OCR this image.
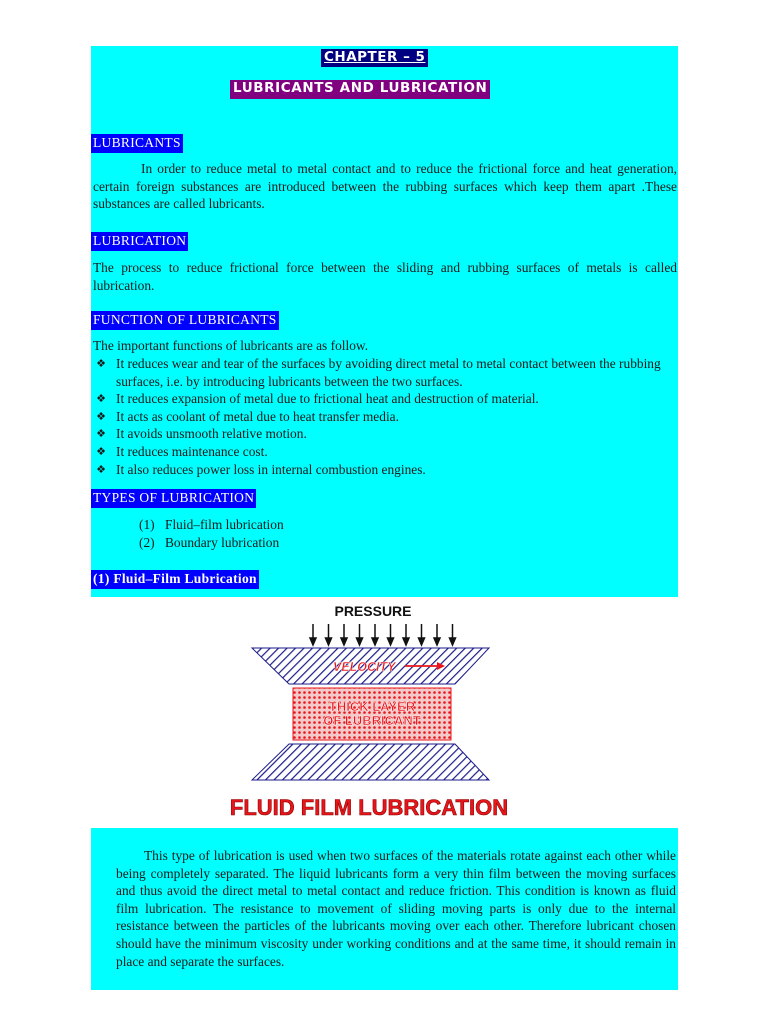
CHAPTER – 5
LUBRICANTS AND LUBRICATION
LUBRICANTS

In order to reduce metal to metal contact and to reduce the frictional force and heat generation, certain foreign substances are introduced between the rubbing surfaces which keep them apart .These substances are called lubricants.

LUBRICATION

The process to reduce frictional force between the sliding and rubbing surfaces of metals is called lubrication.

FUNCTION OF LUBRICANTS

The important functions of lubricants are as follow.

❖ It reduces wear and tear of the surfaces by avoiding direct metal to metal contact between the rubbing surfaces, i.e. by introducing lubricants between the two surfaces.
❖ It reduces expansion of metal due to frictional heat and destruction of material.
❖ It acts as coolant of metal due to heat transfer media.
❖ It avoids unsmooth relative motion.
❖ It reduces maintenance cost.
❖ It also reduces power loss in internal combustion engines.
TYPES OF LUBRICATION
(1) Fluid–film lubrication
(2) Boundary lubrication
(1) Fluid–Film Lubrication
PRESSURE
VELOCITY
THICK LAYER
OF LUBRICANT
FLUID FILM LUBRICATION

This type of lubrication is used when two surfaces of the materials rotate against each other while being completely separated. The liquid lubricants form a very thin film between the moving surfaces and thus avoid the direct metal to metal contact and reduce friction. This condition is known as fluid film lubrication. The resistance to movement of sliding moving parts is only due to the internal resistance between the particles of the lubricants moving over each other. Therefore lubricant chosen should have the minimum viscosity under working conditions and at the same time, it should remain in place and separate the surfaces.
